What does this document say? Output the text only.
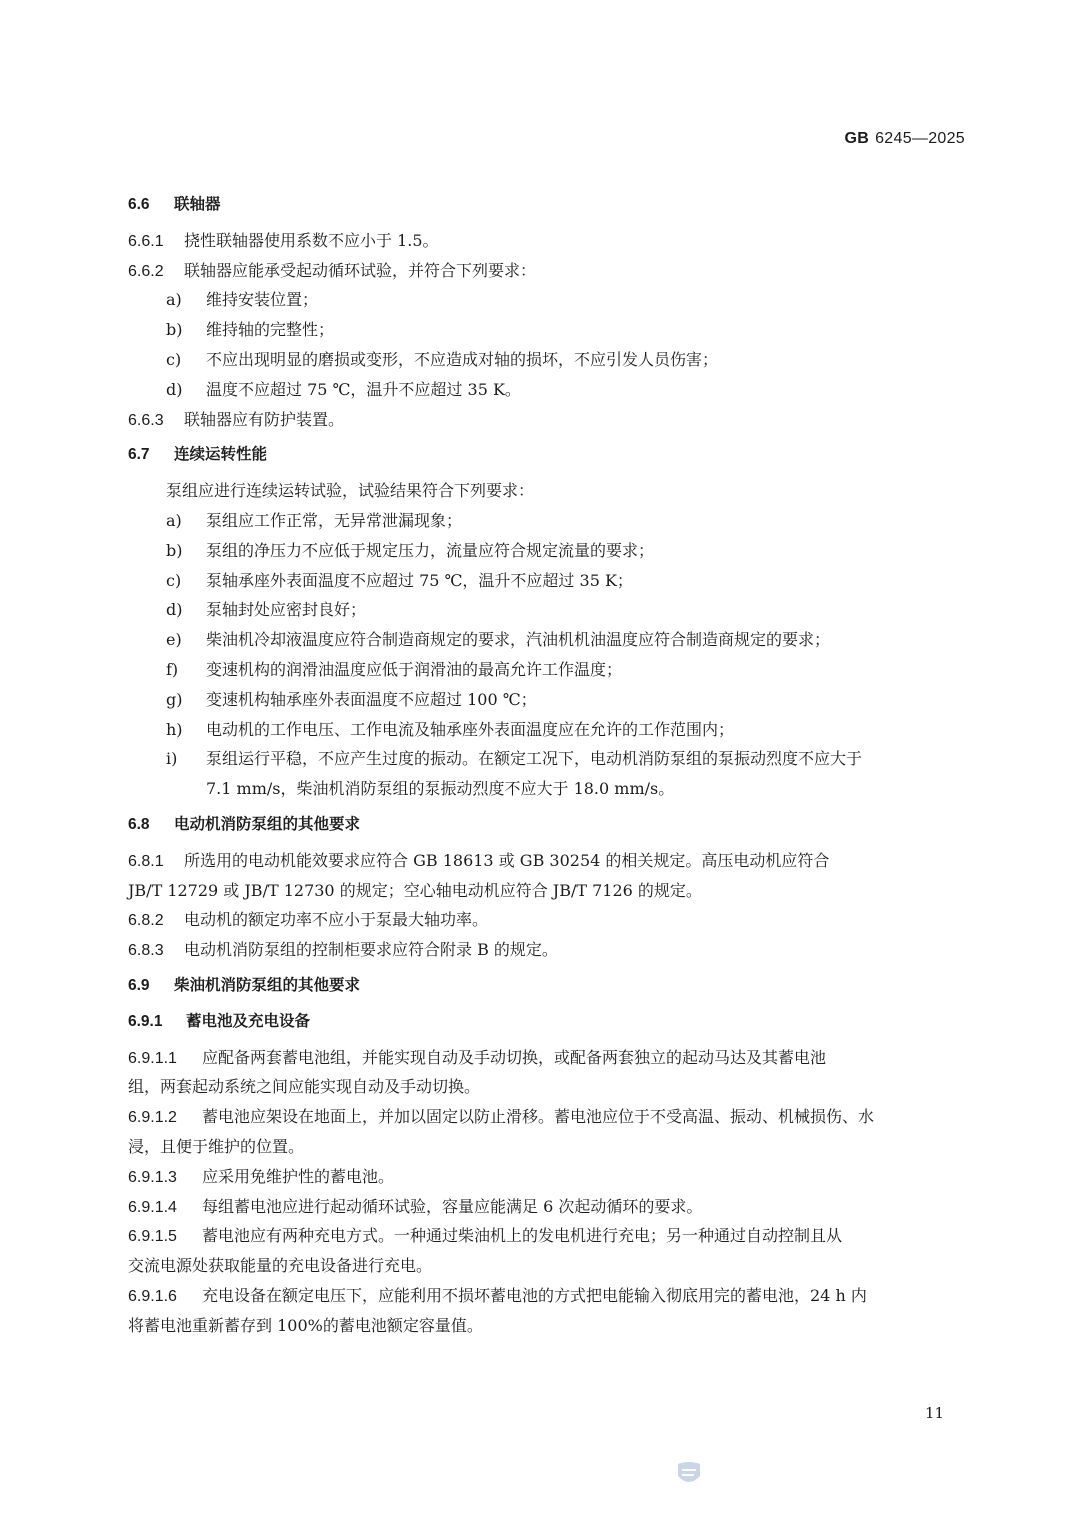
GB 6245—2025
6.6 联轴器
6.6.1 挠性联轴器使用系数不应小于 1.5。
6.6.2 联轴器应能承受起动循环试验，并符合下列要求：
a) 维持安装位置；
b) 维持轴的完整性；
c) 不应出现明显的磨损或变形，不应造成对轴的损坏，不应引发人员伤害；
d) 温度不应超过 75 ℃，温升不应超过 35 K。
6.6.3 联轴器应有防护装置。
6.7 连续运转性能
泵组应进行连续运转试验，试验结果符合下列要求：
a) 泵组应工作正常，无异常泄漏现象；
b) 泵组的净压力不应低于规定压力，流量应符合规定流量的要求；
c) 泵轴承座外表面温度不应超过 75 ℃，温升不应超过 35 K；
d) 泵轴封处应密封良好；
e) 柴油机冷却液温度应符合制造商规定的要求，汽油机机油温度应符合制造商规定的要求；
f) 变速机构的润滑油温度应低于润滑油的最高允许工作温度；
g) 变速机构轴承座外表面温度不应超过 100 ℃；
h) 电动机的工作电压、工作电流及轴承座外表面温度应在允许的工作范围内；
i) 泵组运行平稳，不应产生过度的振动。在额定工况下，电动机消防泵组的泵振动烈度不应大于
7.1 mm/s，柴油机消防泵组的泵振动烈度不应大于 18.0 mm/s。
6.8 电动机消防泵组的其他要求
6.8.1 所选用的电动机能效要求应符合 GB 18613 或 GB 30254 的相关规定。高压电动机应符合
JB/T 12729 或 JB/T 12730 的规定；空心轴电动机应符合 JB/T 7126 的规定。
6.8.2 电动机的额定功率不应小于泵最大轴功率。
6.8.3 电动机消防泵组的控制柜要求应符合附录 B 的规定。
6.9 柴油机消防泵组的其他要求
6.9.1 蓄电池及充电设备
6.9.1.1 应配备两套蓄电池组，并能实现自动及手动切换，或配备两套独立的起动马达及其蓄电池
组，两套起动系统之间应能实现自动及手动切换。
6.9.1.2 蓄电池应架设在地面上，并加以固定以防止滑移。蓄电池应位于不受高温、振动、机械损伤、水
浸，且便于维护的位置。
6.9.1.3 应采用免维护性的蓄电池。
6.9.1.4 每组蓄电池应进行起动循环试验，容量应能满足 6 次起动循环的要求。
6.9.1.5 蓄电池应有两种充电方式。一种通过柴油机上的发电机进行充电；另一种通过自动控制且从
交流电源处获取能量的充电设备进行充电。
6.9.1.6 充电设备在额定电压下，应能利用不损坏蓄电池的方式把电能输入彻底用完的蓄电池，24 h 内
将蓄电池重新蓄存到 100%的蓄电池额定容量值。
11
